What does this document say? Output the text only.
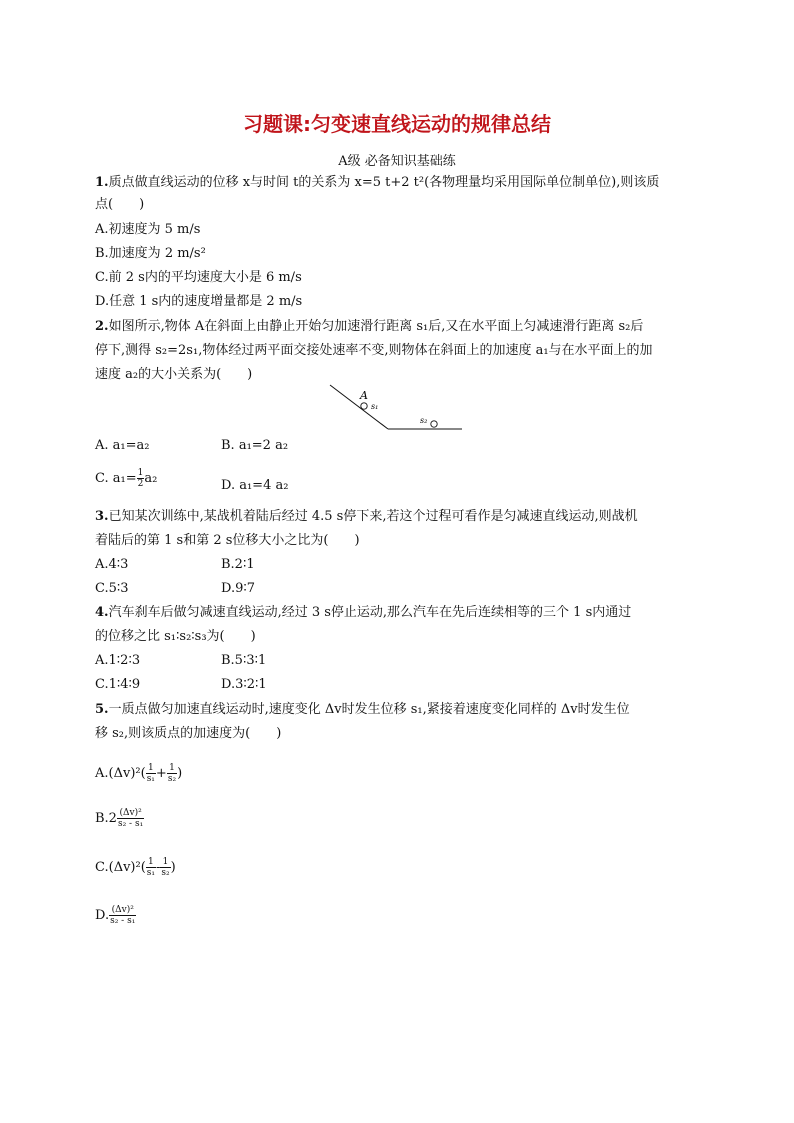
习题课:匀变速直线运动的规律总结
A级 必备知识基础练
1.质点做直线运动的位移 x与时间 t的关系为 x=5 t+2 t²(各物理量均采用国际单位制单位),则该质
点(　　)
A.初速度为 5 m/s
B.加速度为 2 m/s²
C.前 2 s内的平均速度大小是 6 m/s
D.任意 1 s内的速度增量都是 2 m/s
2.如图所示,物体 A在斜面上由静止开始匀加速滑行距离 s₁后,又在水平面上匀减速滑行距离 s₂后
停下,测得 s₂=2s₁,物体经过两平面交接处速率不变,则物体在斜面上的加速度 a₁与在水平面上的加
速度 a₂的大小关系为(　　)
A
s₁
s₂
A. a₁=a₂	B. a₁=2 a₂
C. $a_1= \frac{1}{2} a_2$	D. a₁=4 a₂
3.已知某次训练中,某战机着陆后经过 4.5 s停下来,若这个过程可看作是匀减速直线运动,则战机
着陆后的第 1 s和第 2 s位移大小之比为(　　)
A.4∶3	B.2∶1
C.5∶3	D.9∶7
4.汽车刹车后做匀减速直线运动,经过 3 s停止运动,那么汽车在先后连续相等的三个 1 s内通过
的位移之比 s₁∶s₂∶s₃为(　　)
A.1∶2∶3	B.5∶3∶1
C.1∶4∶9	D.3∶2∶1
5.一质点做匀加速直线运动时,速度变化 Δv时发生位移 s₁,紧接着速度变化同样的 Δv时发生位
移 s₂,则该质点的加速度为(　　)
$A.(\Delta v)^2( \frac{1}{\text{s₁}} + \frac{1}{\text{s₂}}$ )
$B.2 \frac{\text{(Δv)²}}{\text{s₂ - s₁}}$
$C.(\Delta v)^2( \frac{1}{\text{s₁}} - \frac{1}{\text{s₂}}$ )
D. $\frac{\text{(Δv)²}}{\text{s₂ - s₁}}$
